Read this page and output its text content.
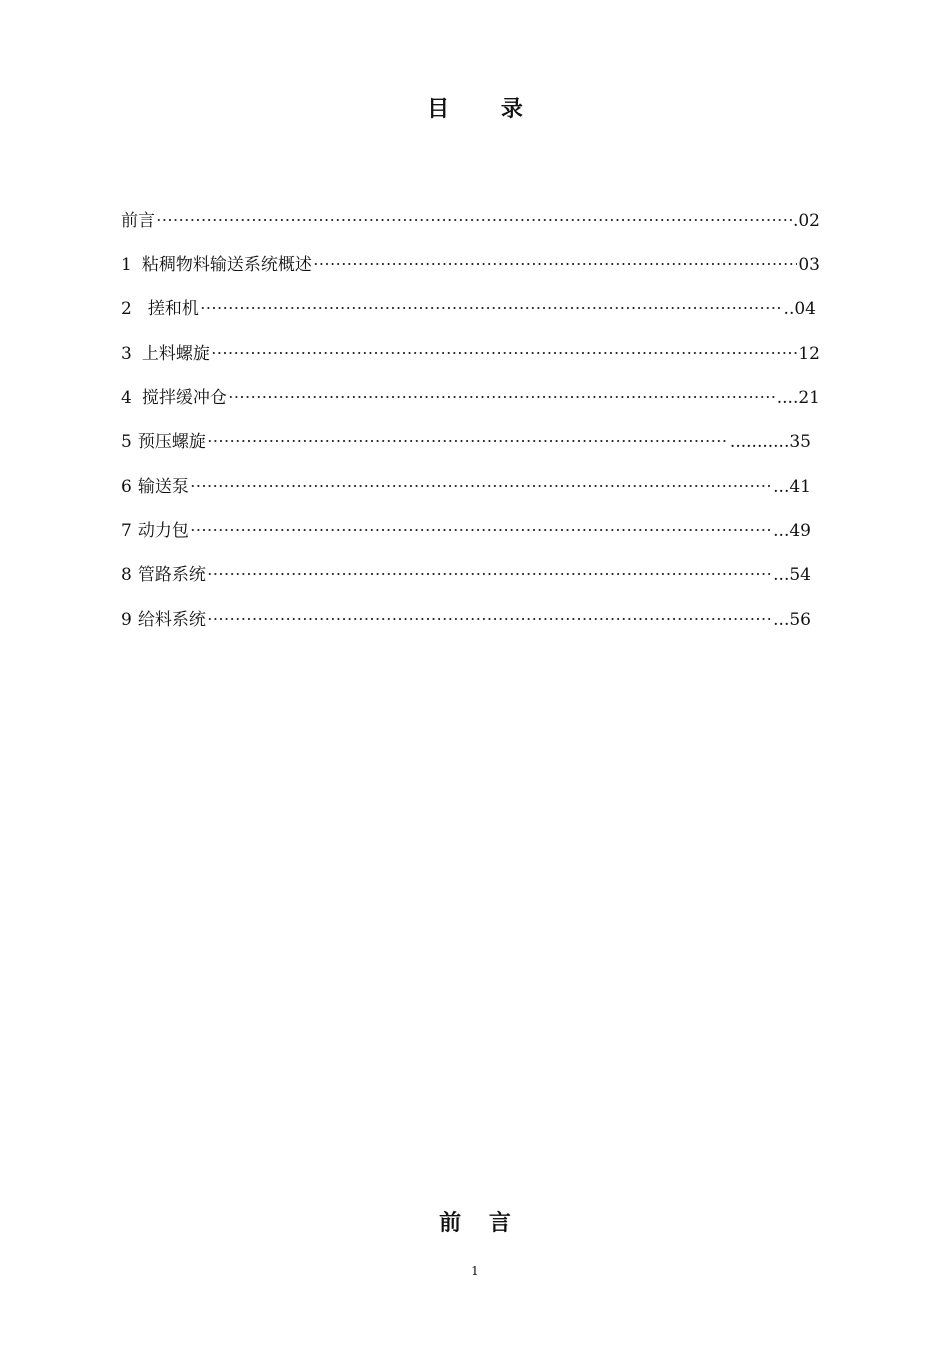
目 录
前言	.02
1 粘稠物料输送系统概述	03
2 搓和机	..04
3 上料螺旋	12
4 搅拌缓冲仓	....21
5 预压螺旋	...........35
6 输送泵	...41
7 动力包	...49
8 管路系统	...54
9 给料系统	...56
前 言
1
